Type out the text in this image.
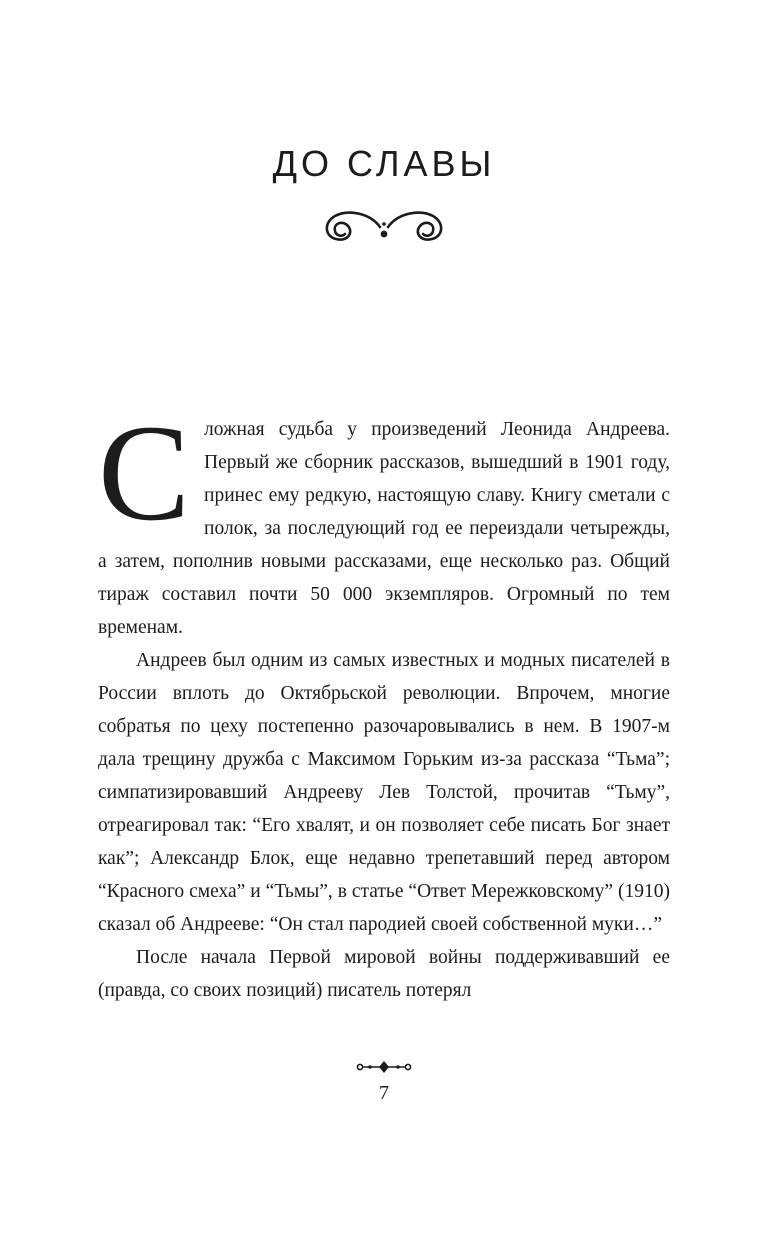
ДО СЛАВЫ

Сложная судьба у произведений Леонида Андреева. Первый же сборник рассказов, вышедший в 1901 году, принес ему редкую, настоящую славу. Книгу сметали с полок, за последующий год ее переиздали четырежды, а затем, пополнив новыми рассказами, еще несколько раз. Общий тираж составил почти 50 000 экземпляров. Огромный по тем временам.

Андреев был одним из самых известных и модных писателей в России вплоть до Октябрьской революции. Впрочем, многие собратья по цеху постепенно разочаровывались в нем. В 1907-м дала трещину дружба с Максимом Горьким из-за рассказа “Тьма”; симпатизировавший Андрееву Лев Толстой, прочитав “Тьму”, отреагировал так: “Его хвалят, и он позволяет себе писать Бог знает как”; Александр Блок, еще недавно трепетавший перед автором “Красного смеха” и “Тьмы”, в статье “Ответ Мережковскому” (1910) сказал об Андрееве: “Он стал пародией своей собственной муки…”

После начала Первой мировой войны поддерживавший ее (правда, со своих позиций) писатель потерял

7
